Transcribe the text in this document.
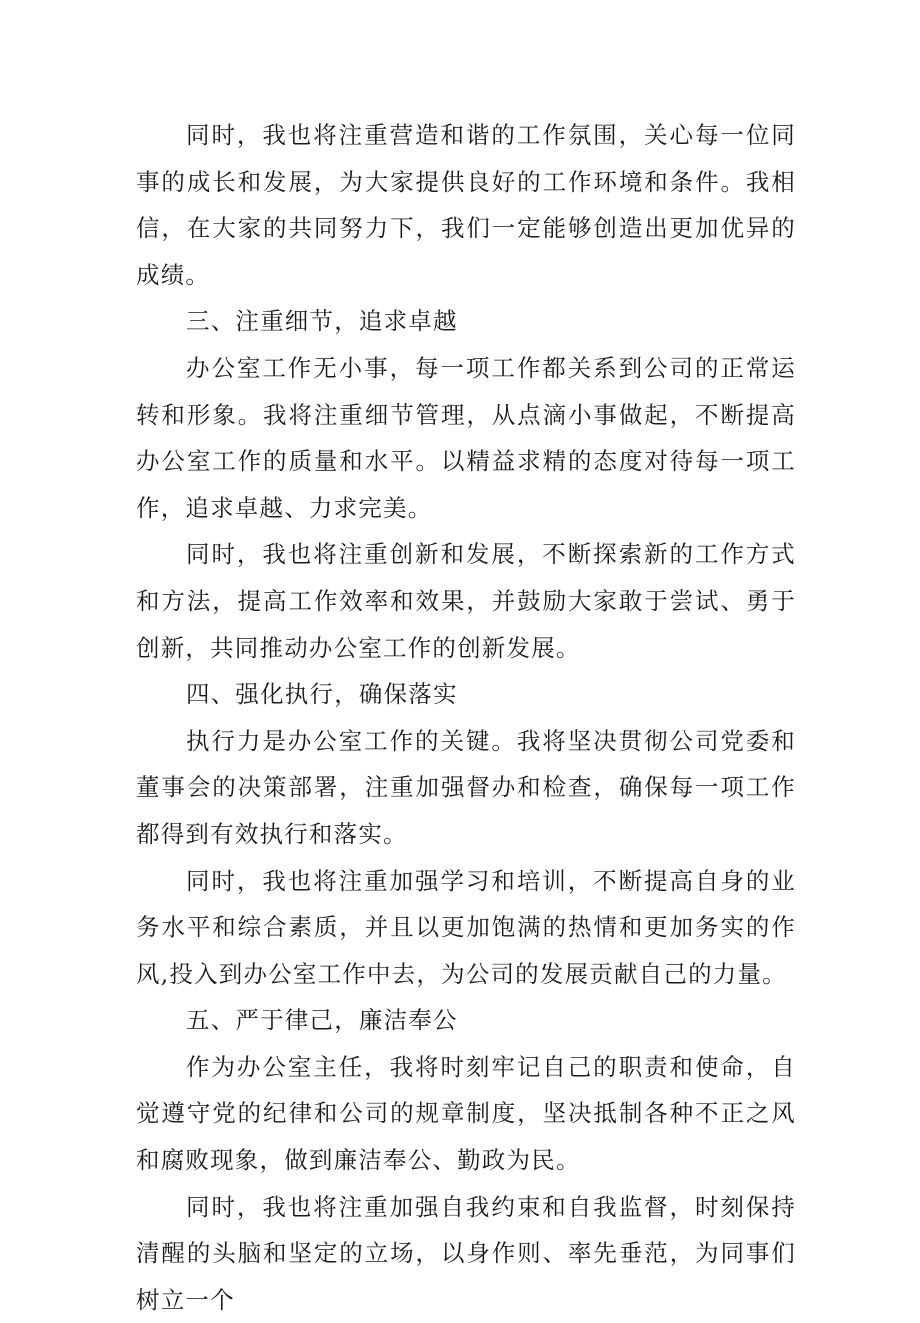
同时，我也将注重营造和谐的工作氛围，关心每一位同事的成长和发展，为大家提供良好的工作环境和条件。我相信，在大家的共同努力下，我们一定能够创造出更加优异的成绩。

三、注重细节，追求卓越

办公室工作无小事，每一项工作都关系到公司的正常运转和形象。我将注重细节管理，从点滴小事做起，不断提高办公室工作的质量和水平。以精益求精的态度对待每一项工作，追求卓越、力求完美。

同时，我也将注重创新和发展，不断探索新的工作方式和方法，提高工作效率和效果，并鼓励大家敢于尝试、勇于创新，共同推动办公室工作的创新发展。

四、强化执行，确保落实

执行力是办公室工作的关键。我将坚决贯彻公司党委和董事会的决策部署，注重加强督办和检查，确保每一项工作都得到有效执行和落实。

同时，我也将注重加强学习和培训，不断提高自身的业务水平和综合素质，并且以更加饱满的热情和更加务实的作风,投入到办公室工作中去，为公司的发展贡献自己的力量。

五、严于律己，廉洁奉公

作为办公室主任，我将时刻牢记自己的职责和使命，自觉遵守党的纪律和公司的规章制度，坚决抵制各种不正之风和腐败现象，做到廉洁奉公、勤政为民。

同时，我也将注重加强自我约束和自我监督，时刻保持清醒的头脑和坚定的立场，以身作则、率先垂范，为同事们树立一个
